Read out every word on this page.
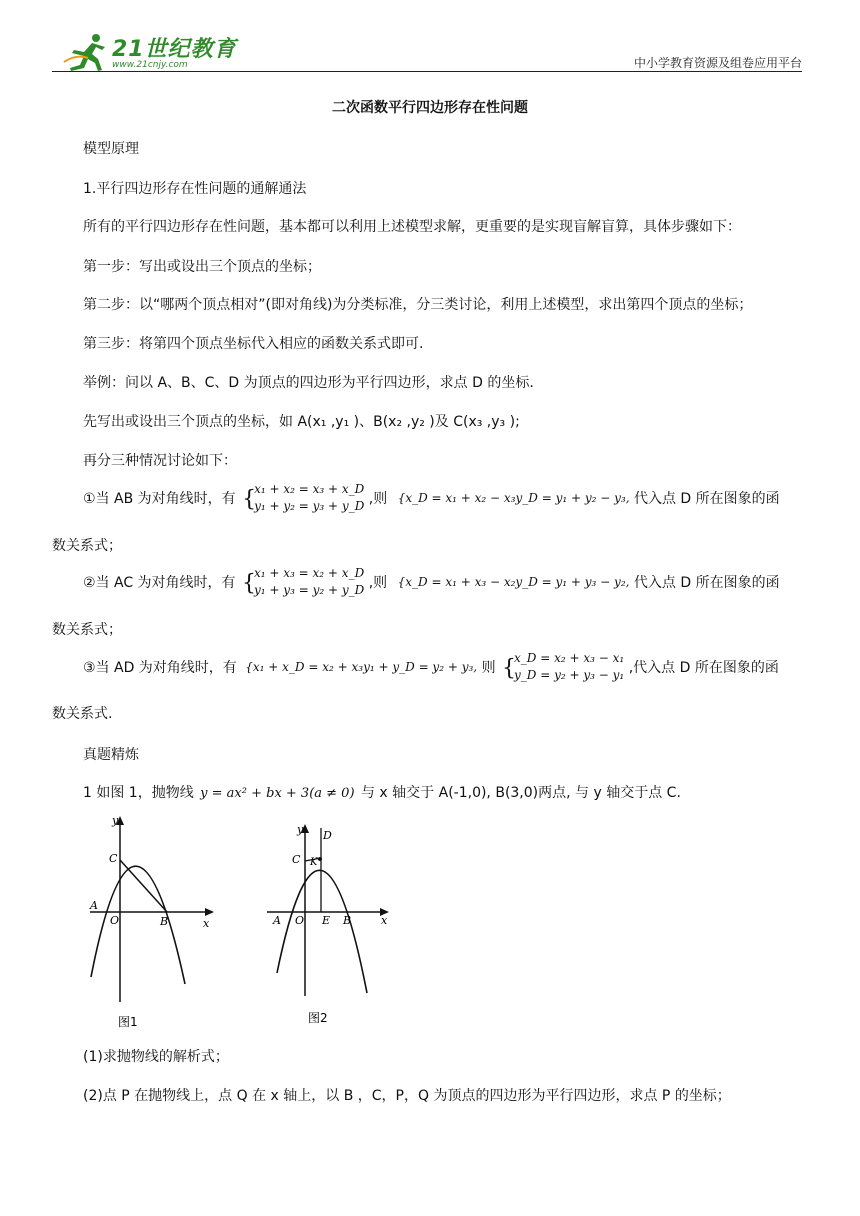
21世纪教育
www.21cnjy.com	中小学教育资源及组卷应用平台
二次函数平行四边形存在性问题
模型原理
1.平行四边形存在性问题的通解通法
所有的平行四边形存在性问题，基本都可以利用上述模型求解，更重要的是实现盲解盲算，具体步骤如下：
第一步：写出或设出三个顶点的坐标；
第二步：以“哪两个顶点相对”(即对角线)为分类标准，分三类讨论，利用上述模型，求出第四个顶点的坐标；
第三步：将第四个顶点坐标代入相应的函数关系式即可.
举例：问以 A、B、C、D 为顶点的四边形为平行四边形，求点 D 的坐标.
先写出或设出三个顶点的坐标，如 A(x₁ ,y₁ )、B(x₂ ,y₂ )及 C(x₃ ,y₃ );
再分三种情况讨论如下：
①当 AB 为对角线时，有 {
x₁ + x₂ = x₃ + x_D
y₁ + y₂ = y₃ + y_D ,则 {x_D = x₁ + x₂ − x₃y_D = y₁ + y₂ − y₃, 代入点 D 所在图象的函
数关系式；
②当 AC 为对角线时，有 {
x₁ + x₃ = x₂ + x_D
y₁ + y₃ = y₂ + y_D ,则 {x_D = x₁ + x₃ − x₂y_D = y₁ + y₃ − y₂, 代入点 D 所在图象的函
数关系式；
③当 AD 为对角线时，有 {x₁ + x_D = x₂ + x₃y₁ + y_D = y₂ + y₃, 则 {
x_D = x₂ + x₃ − x₁
y_D = y₂ + y₃ − y₁ ,代入点 D 所在图象的函
数关系式.
真题精炼
1 如图 1，抛物线 y = ax² + bx + 3(a ≠ 0) 与 x 轴交于 A(-1,0), B(3,0)两点, 与 y 轴交于点 C.
y
x
A
O	B
C
图1
y
x
A O E B
C
D
K
图2
(1)求抛物线的解析式；
(2)点 P 在抛物线上，点 Q 在 x 轴上，以 B ，C，P，Q 为顶点的四边形为平行四边形，求点 P 的坐标；
